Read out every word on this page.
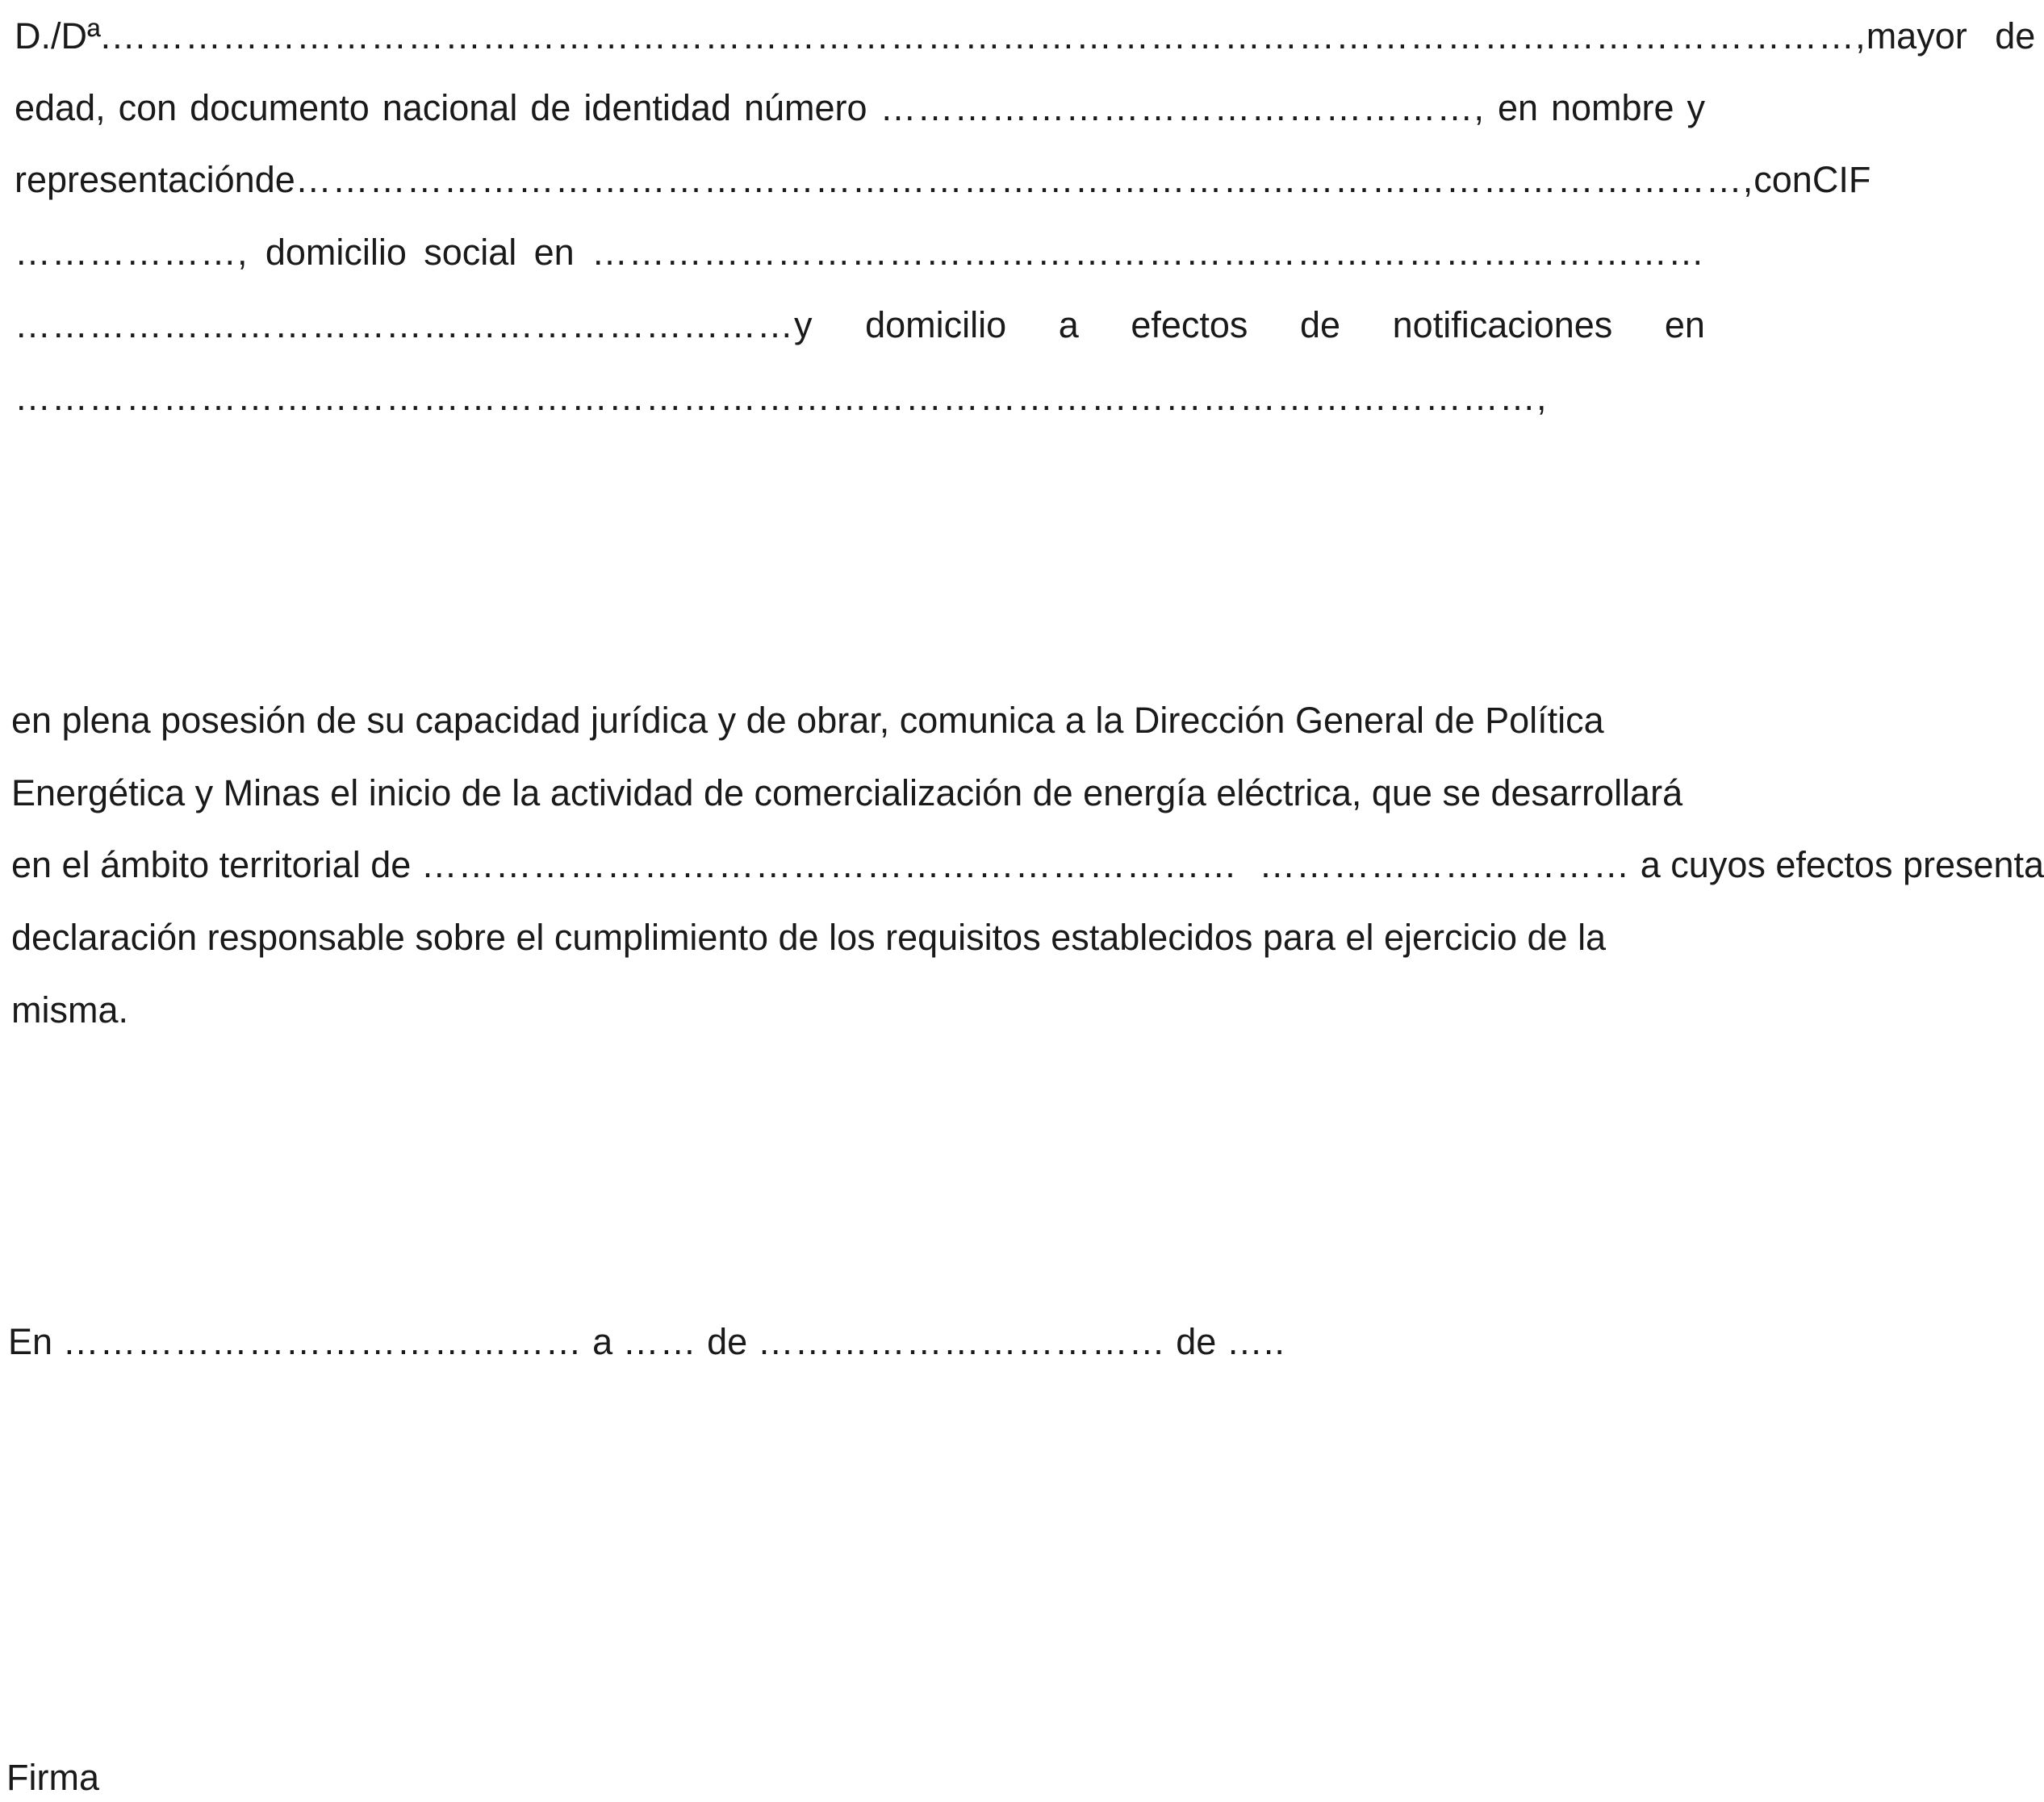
D./Dª.………………………………………………………………………………… …………………………………………, mayor de
edad, con documento nacional de identidad número …………………………………………, en nombre y
representación de …………… …………………………………………………………………………………………, con CIF
………………, domicilio social en ………………………………………………………………………………
………………………………………………………y domicilio a efectos de notificaciones en
……………………………………………………………………………………………………………,
en plena posesión de su capacidad jurídica y de obrar, comunica a la Dirección General de Política
Energética y Minas el inicio de la actividad de comercialización de energía eléctrica, que se desarrollará
en el ámbito territorial de ………………………………………………………… ………………………… a cuyos efectos presenta
declaración responsable sobre el cumplimiento de los requisitos establecidos para el ejercicio de la
misma.
En …………………………………… a …… de …………………………… de …..
Firma
